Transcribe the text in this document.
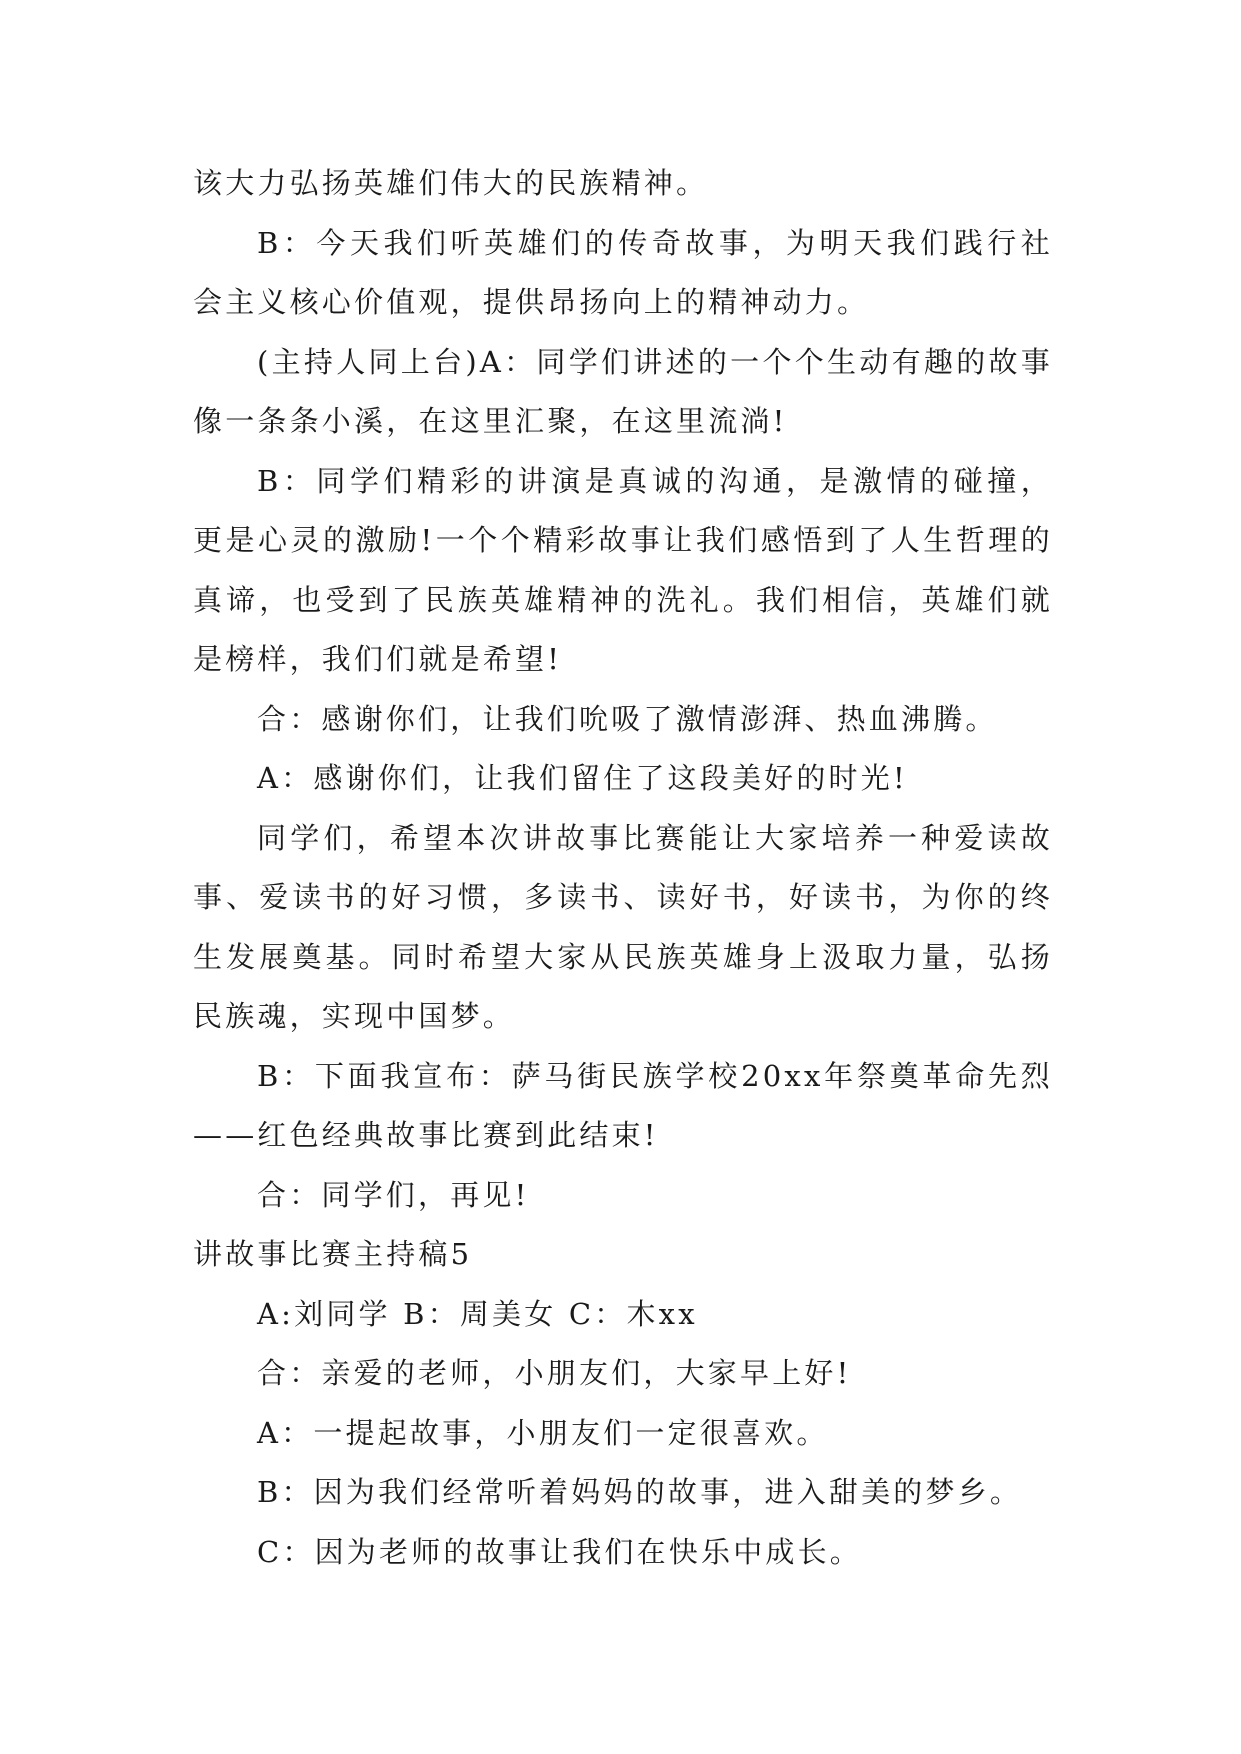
该大力弘扬英雄们伟大的民族精神。

B：今天我们听英雄们的传奇故事，为明天我们践行社会主义核心价值观，提供昂扬向上的精神动力。

(主持人同上台)A：同学们讲述的一个个生动有趣的故事像一条条小溪，在这里汇聚，在这里流淌!

B：同学们精彩的讲演是真诚的沟通，是激情的碰撞，更是心灵的激励!一个个精彩故事让我们感悟到了人生哲理的真谛，也受到了民族英雄精神的洗礼。我们相信，英雄们就是榜样，我们们就是希望!

合：感谢你们，让我们吮吸了激情澎湃、热血沸腾。

A：感谢你们，让我们留住了这段美好的时光!

同学们，希望本次讲故事比赛能让大家培养一种爱读故事、爱读书的好习惯，多读书、读好书，好读书，为你的终生发展奠基。同时希望大家从民族英雄身上汲取力量，弘扬民族魂，实现中国梦。

B：下面我宣布：萨马街民族学校20xx年祭奠革命先烈——红色经典故事比赛到此结束!

合：同学们，再见!

讲故事比赛主持稿5

A:刘同学 B：周美女 C：木xx

合：亲爱的老师，小朋友们，大家早上好!

A：一提起故事，小朋友们一定很喜欢。

B：因为我们经常听着妈妈的故事，进入甜美的梦乡。

C：因为老师的故事让我们在快乐中成长。
